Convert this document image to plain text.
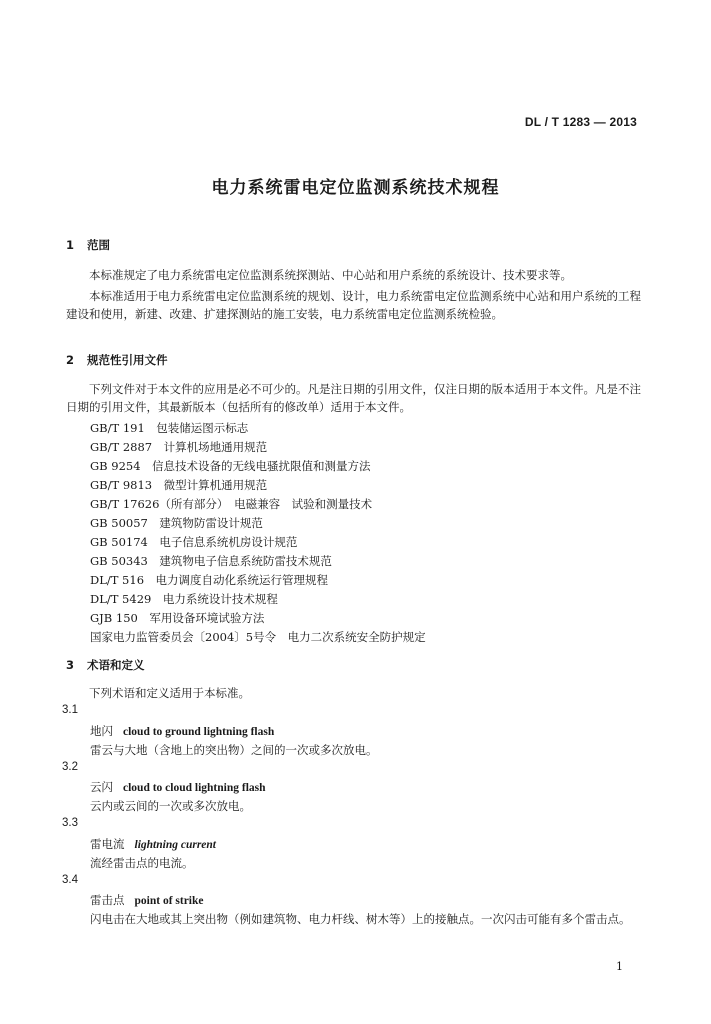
DL / T 1283 — 2013
电力系统雷电定位监测系统技术规程
1 范围
本标准规定了电力系统雷电定位监测系统探测站、中心站和用户系统的系统设计、技术要求等。
本标准适用于电力系统雷电定位监测系统的规划、设计，电力系统雷电定位监测系统中心站和用户系统的工程建设和使用，新建、改建、扩建探测站的施工安装，电力系统雷电定位监测系统检验。
2 规范性引用文件
下列文件对于本文件的应用是必不可少的。凡是注日期的引用文件，仅注日期的版本适用于本文件。凡是不注日期的引用文件，其最新版本（包括所有的修改单）适用于本文件。
GB/T 191　包装储运图示标志
GB/T 2887　计算机场地通用规范
GB 9254　信息技术设备的无线电骚扰限值和测量方法
GB/T 9813　微型计算机通用规范
GB/T 17626（所有部分）　电磁兼容　试验和测量技术
GB 50057　建筑物防雷设计规范
GB 50174　电子信息系统机房设计规范
GB 50343　建筑物电子信息系统防雷技术规范
DL/T 516　电力调度自动化系统运行管理规程
DL/T 5429　电力系统设计技术规程
GJB 150　军用设备环境试验方法
国家电力监管委员会〔2004〕5号令　电力二次系统安全防护规定
3 术语和定义
下列术语和定义适用于本标准。
3.1
地闪 cloud to ground lightning flash
雷云与大地（含地上的突出物）之间的一次或多次放电。
3.2
云闪 cloud to cloud lightning flash
云内或云间的一次或多次放电。
3.3
雷电流 lightning current
流经雷击点的电流。
3.4
雷击点 point of strike
闪电击在大地或其上突出物（例如建筑物、电力杆线、树木等）上的接触点。一次闪击可能有多个雷击点。
1
